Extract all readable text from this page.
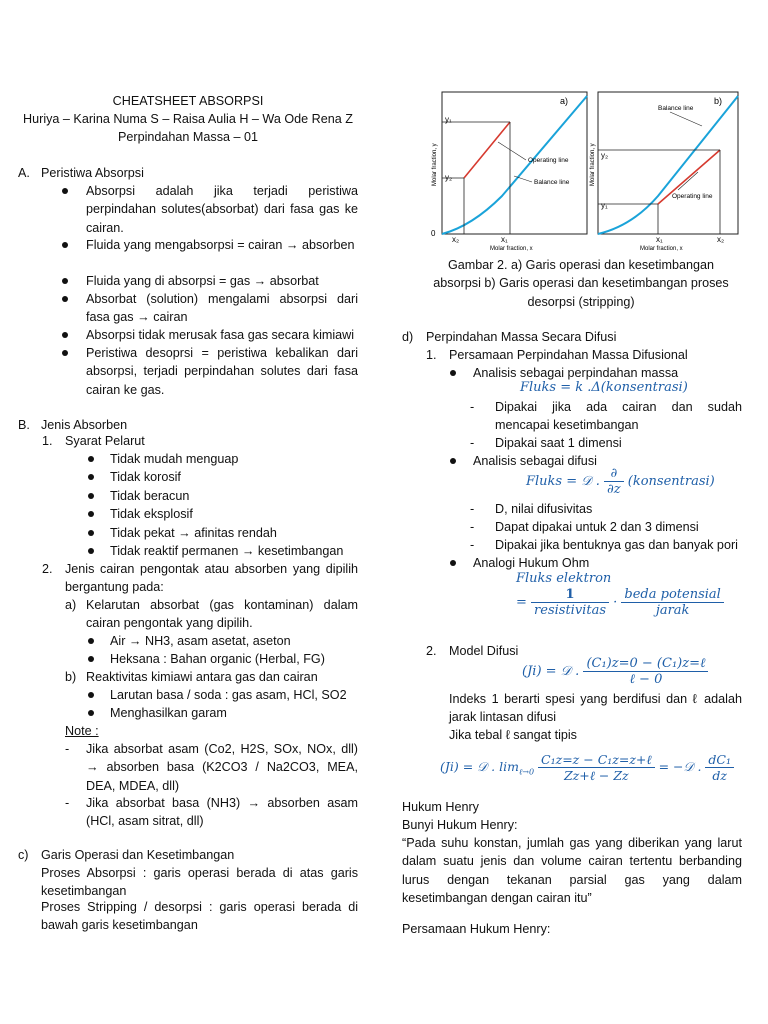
CHEATSHEET ABSORPSI
Huriya – Karina Numa S – Raisa Aulia H – Wa Ode Rena Z
Perpindahan Massa – 01
A. Peristiwa Absorpsi
Absorpsi adalah jika terjadi peristiwa perpindahan solutes(absorbat) dari fasa gas ke cairan.
Fluida yang mengabsorpsi = cairan → absorben
Fluida yang di absorpsi = gas → absorbat
Absorbat (solution) mengalami absorpsi dari fasa gas → cairan
Absorpsi tidak merusak fasa gas secara kimiawi
Peristiwa desoprsi = peristiwa kebalikan dari absorpsi, terjadi perpindahan solutes dari fasa cairan ke gas.
B. Jenis Absorben
1. Syarat Pelarut
Tidak mudah menguap
Tidak korosif
Tidak beracun
Tidak eksplosif
Tidak pekat → afinitas rendah
Tidak reaktif permanen → kesetimbangan
2. Jenis cairan pengontak atau absorben yang dipilih bergantung pada:
a) Kelarutan absorbat (gas kontaminan) dalam cairan pengontak yang dipilih.
Air → NH3, asam asetat, aseton
Heksana : Bahan organic (Herbal, FG)
b) Reaktivitas kimiawi antara gas dan cairan
Larutan basa / soda : gas asam, HCl, SO2
Menghasilkan garam
Note :
- Jika absorbat asam (Co2, H2S, SOx, NOx, dll) → absorben basa (K2CO3 / Na2CO3, MEA, DEA, MDEA, dll)
- Jika absorbat basa (NH3) → absorben asam (HCl, asam sitrat, dll)
c) Garis Operasi dan Kesetimbangan
Proses Absorpsi : garis operasi berada di atas garis kesetimbangan
Proses Stripping / desorpsi : garis operasi berada di bawah garis kesetimbangan
a)	b)
Operating line
Balance line
Balance line
Operating line
Molar fraction, x	Molar fraction, x
Molar fraction, y	Molar fraction, y
y₁
y₂
0
x₂	x₁
y₂
y₁
x₁	x₂
Gambar 2. a) Garis operasi dan kesetimbangan absorpsi b) Garis operasi dan kesetimbangan proses desorpsi (stripping)
d) Perpindahan Massa Secara Difusi
1. Persamaan Perpindahan Massa Difusional
Analisis sebagai perpindahan massa
Fluks = k .Δ(konsentrasi)
- Dipakai jika ada cairan dan sudah mencapai kesetimbangan
- Dipakai saat 1 dimensi
Analisis sebagai difusi
Fluks = 𝒟 . $\frac{\partial}{\partial z}$ (konsentrasi)
- D, nilai difusivitas
- Dapat dipakai untuk 2 dan 3 dimensi
- Dipakai jika bentuknya gas dan banyak pori
Analogi Hukum Ohm
Fluks elektron
= $\frac{1}{\text{resistivitas}} \cdot \frac{\text{beda potensial}}{\text{jarak}}$
2. Model Difusi
(Ji) = 𝒟 . $\frac{\text{(C₁)z=0 − (C₁)z=ℓ}}{\text{ℓ − 0}}$
Indeks 1 berarti spesi yang berdifusi dan ℓ adalah jarak lintasan difusi
Jika tebal ℓ sangat tipis
(Ji) = 𝒟 . $\lim_{\ell\to 0} \frac{\text{C₁z=z − C₁z=z+ℓ}}{\text{Zz+ℓ − Zz}}$ = −𝒟 . $\frac{\text{dC₁}}{dz}$
Hukum Henry
Bunyi Hukum Henry:
“Pada suhu konstan, jumlah gas yang diberikan yang larut dalam suatu jenis dan volume cairan tertentu berbanding lurus dengan tekanan parsial gas yang dalam kesetimbangan dengan cairan itu”
Persamaan Hukum Henry:
